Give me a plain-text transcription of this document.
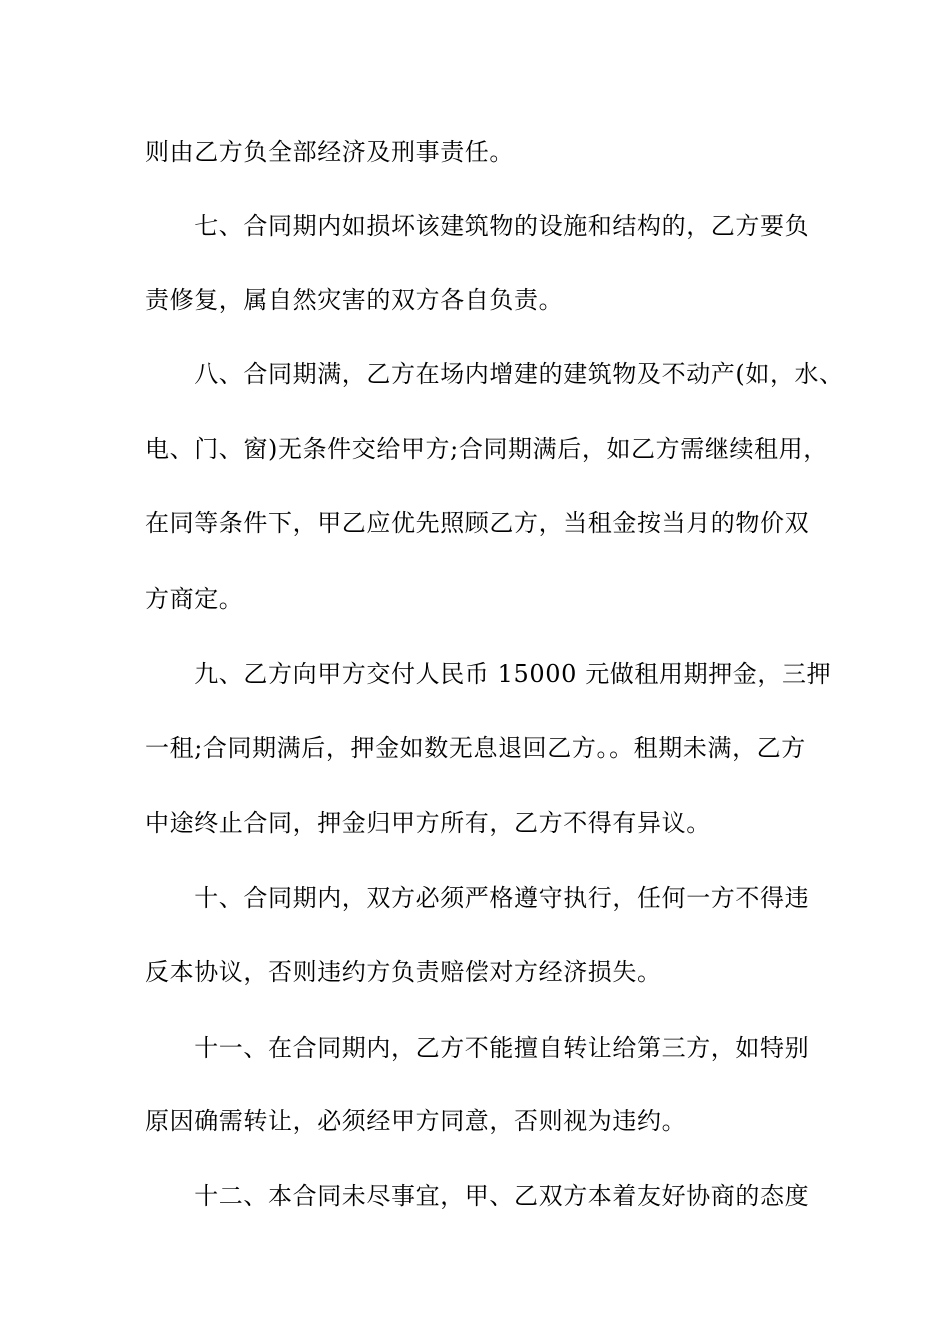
则由乙方负全部经济及刑事责任。
　　七、合同期内如损坏该建筑物的设施和结构的，乙方要负
责修复，属自然灾害的双方各自负责。
　　八、合同期满，乙方在场内增建的建筑物及不动产(如，水、
电、门、窗)无条件交给甲方;合同期满后，如乙方需继续租用，
在同等条件下，甲乙应优先照顾乙方，当租金按当月的物价双
方商定。
　　九、乙方向甲方交付人民币 15000 元做租用期押金，三押
一租;合同期满后，押金如数无息退回乙方。。租期未满，乙方
中途终止合同，押金归甲方所有，乙方不得有异议。
　　十、合同期内，双方必须严格遵守执行，任何一方不得违
反本协议，否则违约方负责赔偿对方经济损失。
　　十一、在合同期内，乙方不能擅自转让给第三方，如特别
原因确需转让，必须经甲方同意，否则视为违约。
　　十二、本合同未尽事宜，甲、乙双方本着友好协商的态度
